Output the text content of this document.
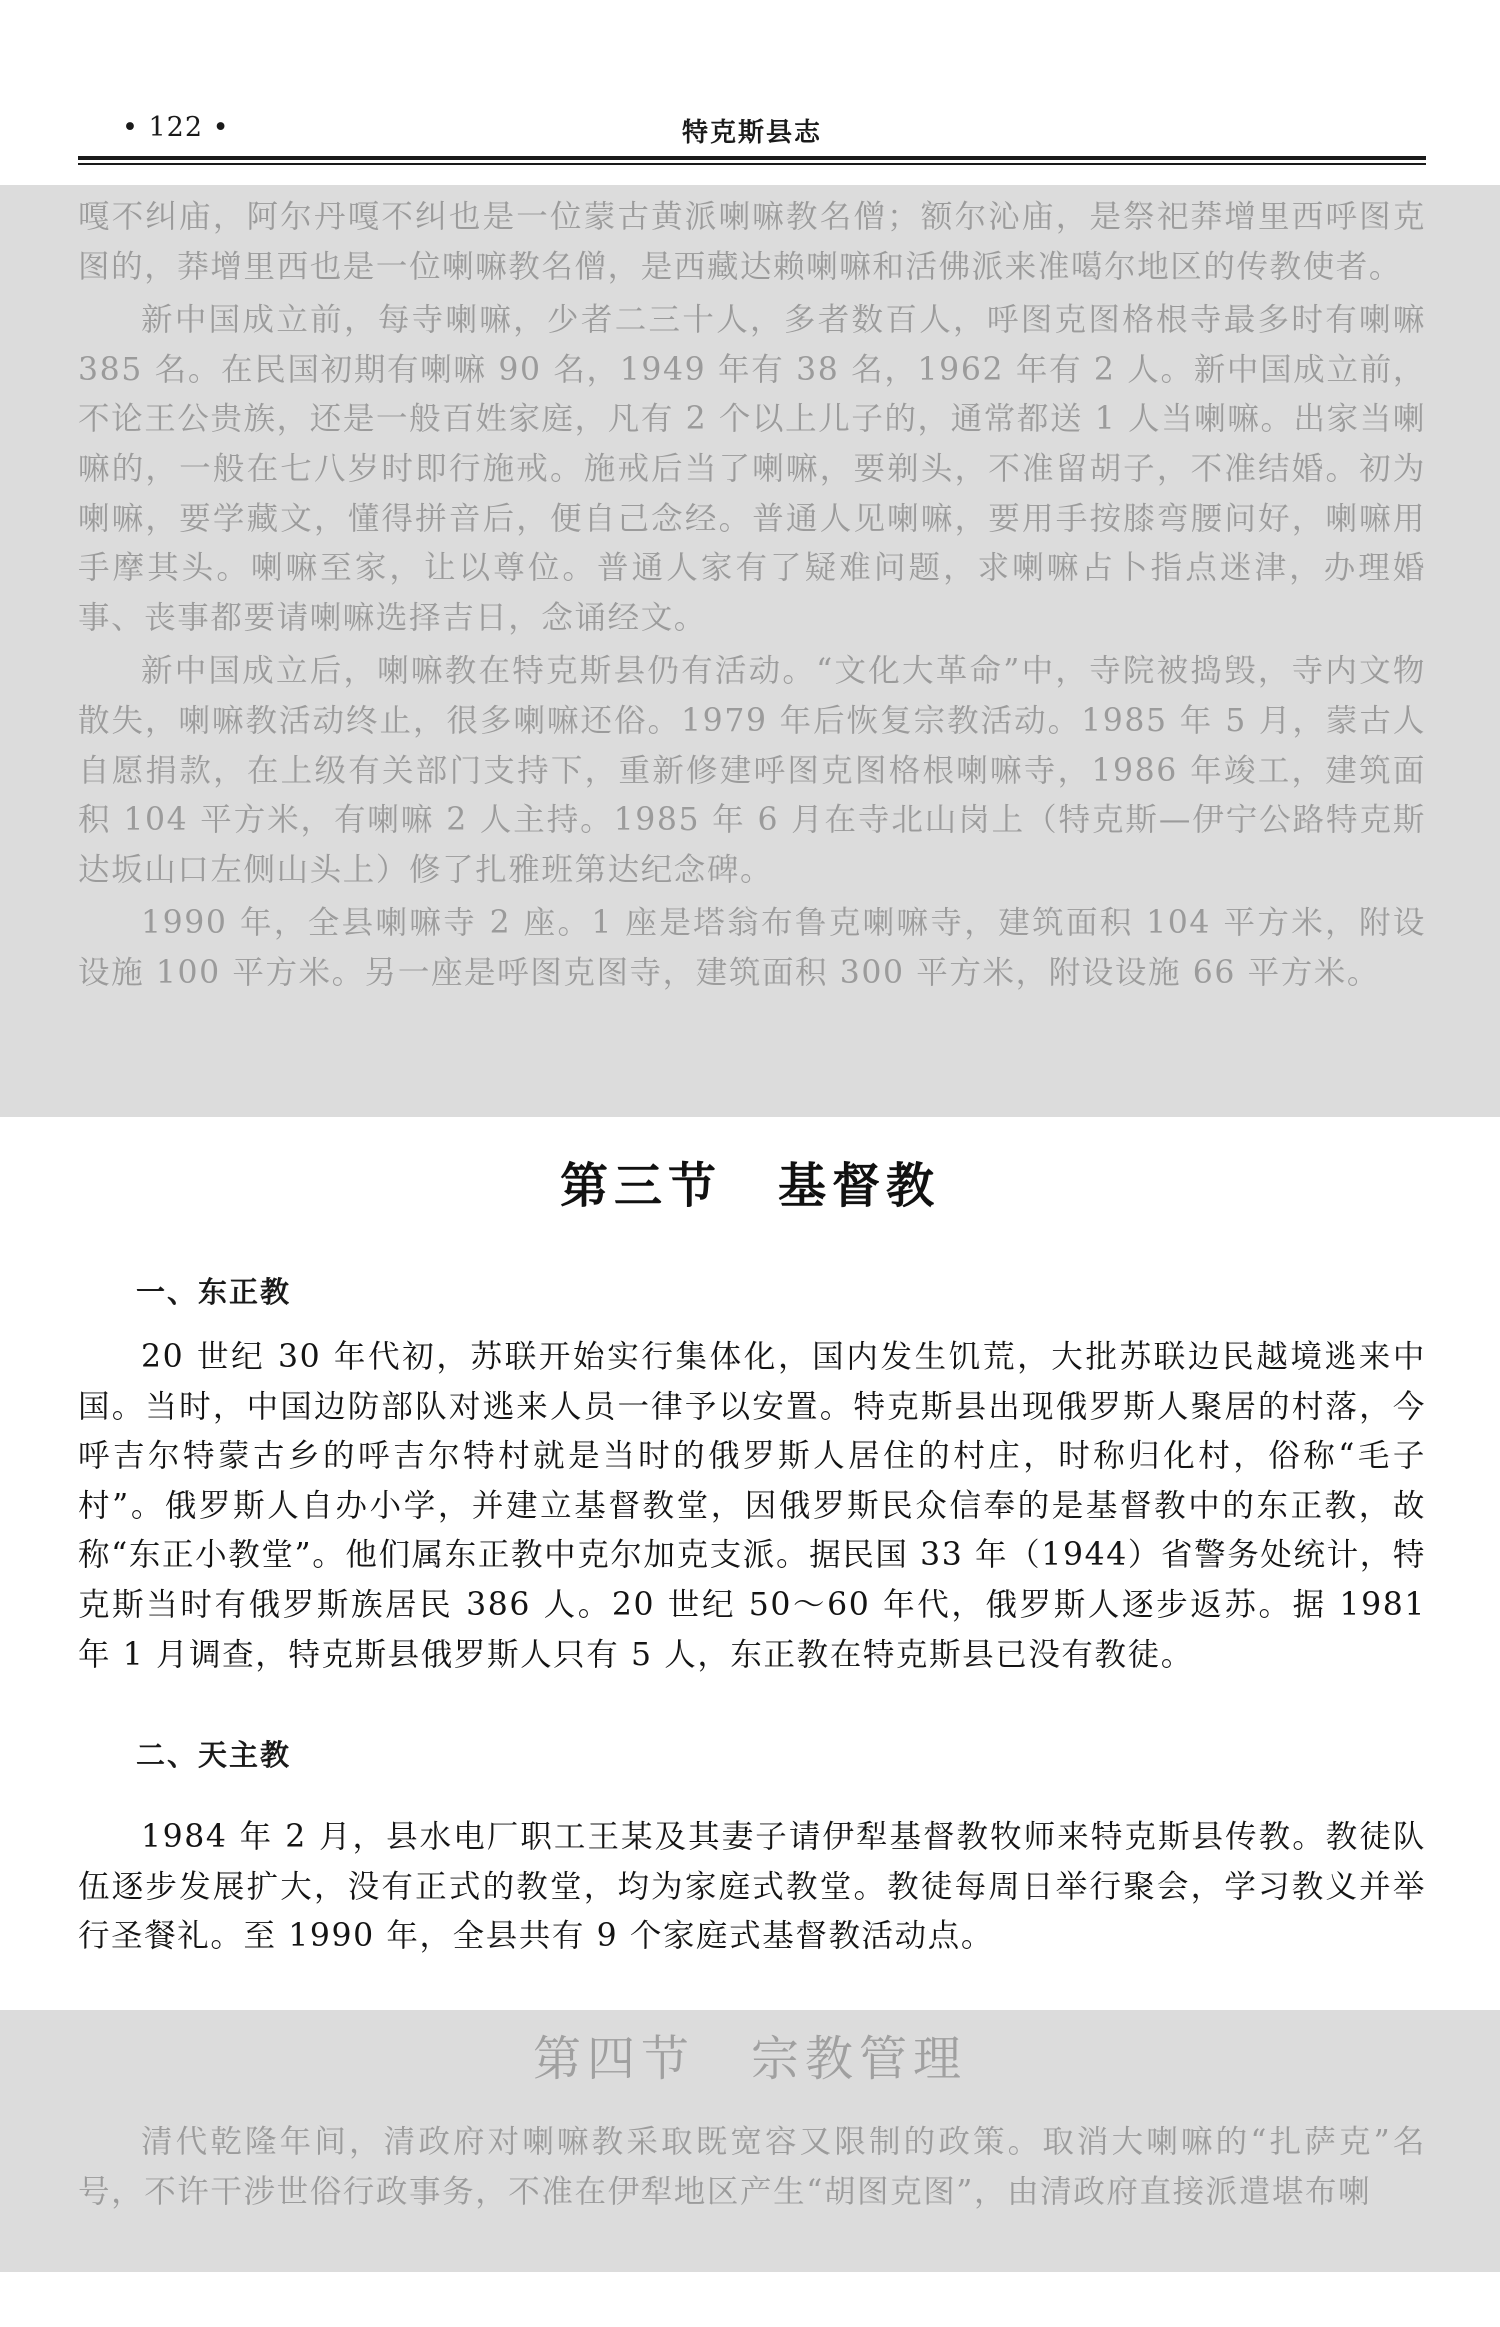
• 122 •	特克斯县志

嘎不纠庙，阿尔丹嘎不纠也是一位蒙古黄派喇嘛教名僧；额尔沁庙，是祭祀莽增里西呼图克图的，莽增里西也是一位喇嘛教名僧，是西藏达赖喇嘛和活佛派来准噶尔地区的传教使者。

新中国成立前，每寺喇嘛，少者二三十人，多者数百人，呼图克图格根寺最多时有喇嘛 385 名。在民国初期有喇嘛 90 名，1949 年有 38 名，1962 年有 2 人。新中国成立前，不论王公贵族，还是一般百姓家庭，凡有 2 个以上儿子的，通常都送 1 人当喇嘛。出家当喇嘛的，一般在七八岁时即行施戒。施戒后当了喇嘛，要剃头，不准留胡子，不准结婚。初为喇嘛，要学藏文，懂得拼音后，便自己念经。普通人见喇嘛，要用手按膝弯腰问好，喇嘛用手摩其头。喇嘛至家，让以尊位。普通人家有了疑难问题，求喇嘛占卜指点迷津，办理婚事、丧事都要请喇嘛选择吉日，念诵经文。

新中国成立后，喇嘛教在特克斯县仍有活动。“文化大革命”中，寺院被捣毁，寺内文物散失，喇嘛教活动终止，很多喇嘛还俗。1979 年后恢复宗教活动。1985 年 5 月，蒙古人自愿捐款，在上级有关部门支持下，重新修建呼图克图格根喇嘛寺，1986 年竣工，建筑面积 104 平方米，有喇嘛 2 人主持。1985 年 6 月在寺北山岗上（特克斯—伊宁公路特克斯达坂山口左侧山头上）修了扎雅班第达纪念碑。

1990 年，全县喇嘛寺 2 座。1 座是塔翁布鲁克喇嘛寺，建筑面积 104 平方米，附设设施 100 平方米。另一座是呼图克图寺，建筑面积 300 平方米，附设设施 66 平方米。

第三节 基督教
一、东正教

20 世纪 30 年代初，苏联开始实行集体化，国内发生饥荒，大批苏联边民越境逃来中国。当时，中国边防部队对逃来人员一律予以安置。特克斯县出现俄罗斯人聚居的村落，今呼吉尔特蒙古乡的呼吉尔特村就是当时的俄罗斯人居住的村庄，时称归化村，俗称“毛子村”。俄罗斯人自办小学，并建立基督教堂，因俄罗斯民众信奉的是基督教中的东正教，故称“东正小教堂”。他们属东正教中克尔加克支派。据民国 33 年（1944）省警务处统计，特克斯当时有俄罗斯族居民 386 人。20 世纪 50～60 年代，俄罗斯人逐步返苏。据 1981 年 1 月调查，特克斯县俄罗斯人只有 5 人，东正教在特克斯县已没有教徒。

二、天主教

1984 年 2 月，县水电厂职工王某及其妻子请伊犁基督教牧师来特克斯县传教。教徒队伍逐步发展扩大，没有正式的教堂，均为家庭式教堂。教徒每周日举行聚会，学习教义并举行圣餐礼。至 1990 年，全县共有 9 个家庭式基督教活动点。

清代乾隆年间，清政府对喇嘛教采取既宽容又限制的政策。取消大喇嘛的“扎萨克”名号，不许干涉世俗行政事务，不准在伊犁地区产生“胡图克图”，由清政府直接派遣堪布喇

第四节 宗教管理
